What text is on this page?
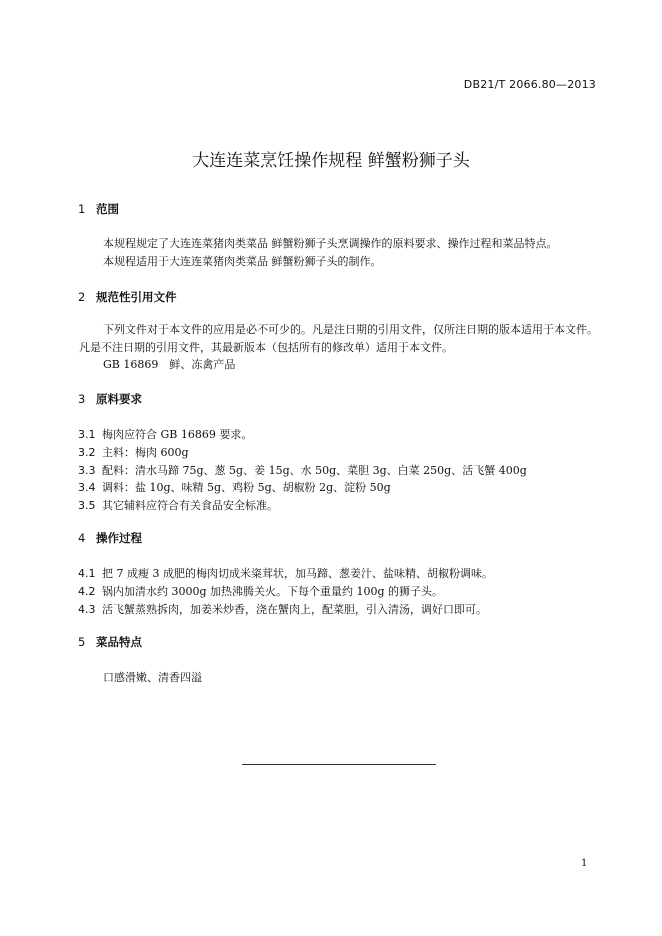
DB21/T 2066.80—2013
大连连菜烹饪操作规程 鲜蟹粉狮子头
1 范围
本规程规定了大连连菜猪肉类菜品 鲜蟹粉狮子头烹调操作的原料要求、操作过程和菜品特点。
本规程适用于大连连菜猪肉类菜品 鲜蟹粉狮子头的制作。
2 规范性引用文件
下列文件对于本文件的应用是必不可少的。凡是注日期的引用文件，仅所注日期的版本适用于本文件。凡是不注日期的引用文件，其最新版本（包括所有的修改单）适用于本文件。
GB 16869　鲜、冻禽产品
3 原料要求
3.1 梅肉应符合 GB 16869 要求。
3.2 主料：梅肉 600g
3.3 配料：清水马蹄 75g、葱 5g、姜 15g、水 50g、菜胆 3g、白菜 250g、活飞蟹 400g
3.4 调料：盐 10g、味精 5g、鸡粉 5g、胡椒粉 2g、淀粉 50g
3.5 其它辅料应符合有关食品安全标准。
4 操作过程
4.1 把 7 成瘦 3 成肥的梅肉切成米粢茸状，加马蹄、葱姜汁、盐味精、胡椒粉调味。
4.2 锅内加清水约 3000g 加热沸腾关火。下每个重量约 100g 的狮子头。
4.3 活飞蟹蒸熟拆肉，加姜米炒香，浇在蟹肉上，配菜胆，引入清汤，调好口即可。
5 菜品特点
口感滑嫩、清香四溢
1
